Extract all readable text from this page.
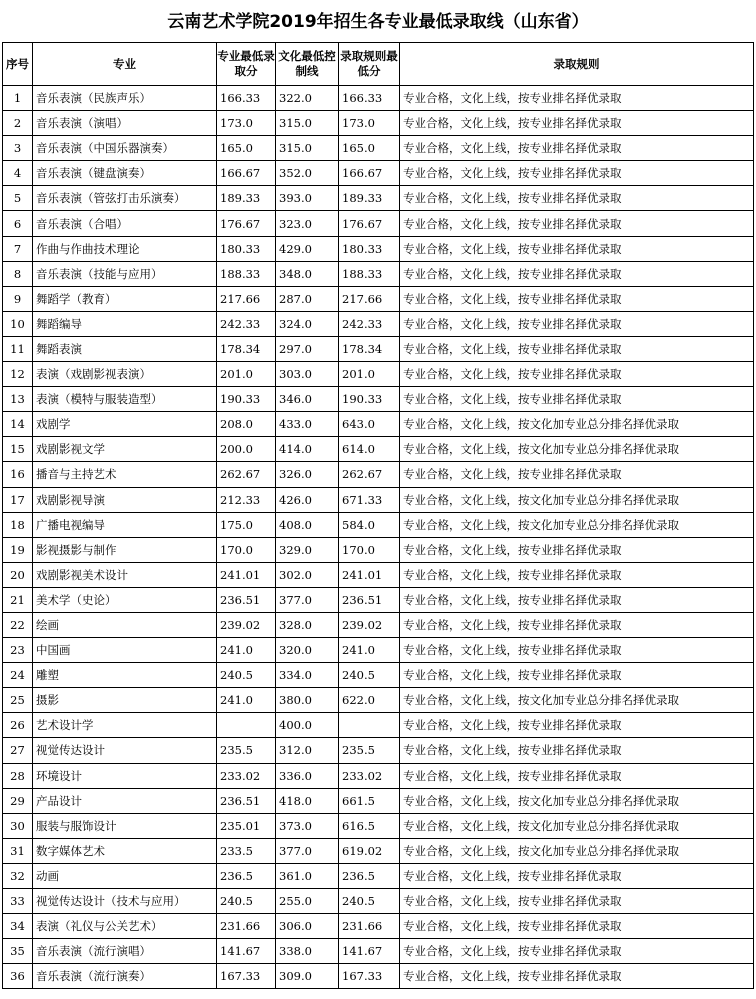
云南艺术学院2019年招生各专业最低录取线（山东省）
序号	专业	专业最低录取分	文化最低控制线	录取规则最低分	录取规则
1	音乐表演（民族声乐）	166.33	322.0	166.33	专业合格，文化上线，按专业排名择优录取
2	音乐表演（演唱）	173.0	315.0	173.0	专业合格，文化上线，按专业排名择优录取
3	音乐表演（中国乐器演奏）	165.0	315.0	165.0	专业合格，文化上线，按专业排名择优录取
4	音乐表演（键盘演奏）	166.67	352.0	166.67	专业合格，文化上线，按专业排名择优录取
5	音乐表演（管弦打击乐演奏）	189.33	393.0	189.33	专业合格，文化上线，按专业排名择优录取
6	音乐表演（合唱）	176.67	323.0	176.67	专业合格，文化上线，按专业排名择优录取
7	作曲与作曲技术理论	180.33	429.0	180.33	专业合格，文化上线，按专业排名择优录取
8	音乐表演（技能与应用）	188.33	348.0	188.33	专业合格，文化上线，按专业排名择优录取
9	舞蹈学（教育）	217.66	287.0	217.66	专业合格，文化上线，按专业排名择优录取
10	舞蹈编导	242.33	324.0	242.33	专业合格，文化上线，按专业排名择优录取
11	舞蹈表演	178.34	297.0	178.34	专业合格，文化上线，按专业排名择优录取
12	表演（戏剧影视表演）	201.0	303.0	201.0	专业合格，文化上线，按专业排名择优录取
13	表演（模特与服装造型）	190.33	346.0	190.33	专业合格，文化上线，按专业排名择优录取
14	戏剧学	208.0	433.0	643.0	专业合格，文化上线，按文化加专业总分排名择优录取
15	戏剧影视文学	200.0	414.0	614.0	专业合格，文化上线，按文化加专业总分排名择优录取
16	播音与主持艺术	262.67	326.0	262.67	专业合格，文化上线，按专业排名择优录取
17	戏剧影视导演	212.33	426.0	671.33	专业合格，文化上线，按文化加专业总分排名择优录取
18	广播电视编导	175.0	408.0	584.0	专业合格，文化上线，按文化加专业总分排名择优录取
19	影视摄影与制作	170.0	329.0	170.0	专业合格，文化上线，按专业排名择优录取
20	戏剧影视美术设计	241.01	302.0	241.01	专业合格，文化上线，按专业排名择优录取
21	美术学（史论）	236.51	377.0	236.51	专业合格，文化上线，按专业排名择优录取
22	绘画	239.02	328.0	239.02	专业合格，文化上线，按专业排名择优录取
23	中国画	241.0	320.0	241.0	专业合格，文化上线，按专业排名择优录取
24	雕塑	240.5	334.0	240.5	专业合格，文化上线，按专业排名择优录取
25	摄影	241.0	380.0	622.0	专业合格，文化上线，按文化加专业总分排名择优录取
26	艺术设计学		400.0		专业合格，文化上线，按专业排名择优录取
27	视觉传达设计	235.5	312.0	235.5	专业合格，文化上线，按专业排名择优录取
28	环境设计	233.02	336.0	233.02	专业合格，文化上线，按专业排名择优录取
29	产品设计	236.51	418.0	661.5	专业合格，文化上线，按文化加专业总分排名择优录取
30	服装与服饰设计	235.01	373.0	616.5	专业合格，文化上线，按文化加专业总分排名择优录取
31	数字媒体艺术	233.5	377.0	619.02	专业合格，文化上线，按文化加专业总分排名择优录取
32	动画	236.5	361.0	236.5	专业合格，文化上线，按专业排名择优录取
33	视觉传达设计（技术与应用）	240.5	255.0	240.5	专业合格，文化上线，按专业排名择优录取
34	表演（礼仪与公关艺术）	231.66	306.0	231.66	专业合格，文化上线，按专业排名择优录取
35	音乐表演（流行演唱）	141.67	338.0	141.67	专业合格，文化上线，按专业排名择优录取
36	音乐表演（流行演奏）	167.33	309.0	167.33	专业合格，文化上线，按专业排名择优录取
